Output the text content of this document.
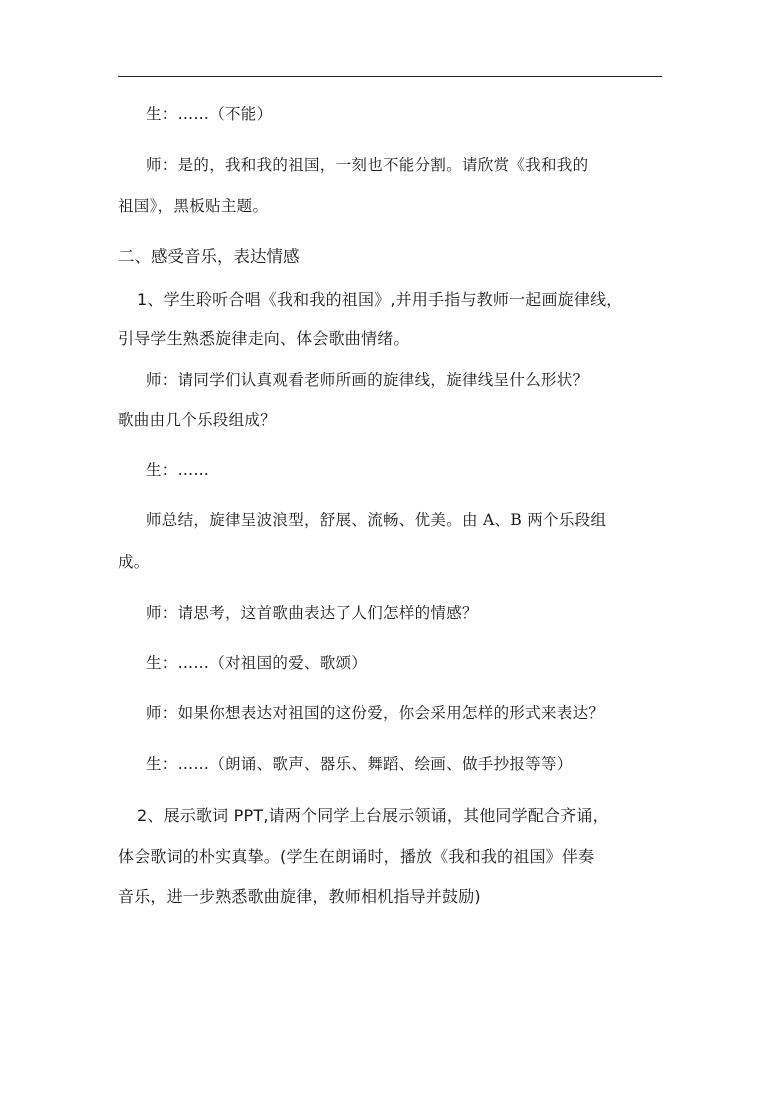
生：……（不能）
师：是的，我和我的祖国，一刻也不能分割。请欣赏《我和我的
祖国》，黑板贴主题。
二、感受音乐，表达情感
1、学生聆听合唱《我和我的祖国》,并用手指与教师一起画旋律线，
引导学生熟悉旋律走向、体会歌曲情绪。
师：请同学们认真观看老师所画的旋律线，旋律线呈什么形状？
歌曲由几个乐段组成？
生：……
师总结，旋律呈波浪型，舒展、流畅、优美。由 A、B 两个乐段组
成。
师：请思考，这首歌曲表达了人们怎样的情感？
生：……（对祖国的爱、歌颂）
师：如果你想表达对祖国的这份爱，你会采用怎样的形式来表达？
生：……（朗诵、歌声、器乐、舞蹈、绘画、做手抄报等等）
2、展示歌词 PPT,请两个同学上台展示领诵，其他同学配合齐诵，
体会歌词的朴实真挚。(学生在朗诵时，播放《我和我的祖国》伴奏
音乐，进一步熟悉歌曲旋律，教师相机指导并鼓励)
